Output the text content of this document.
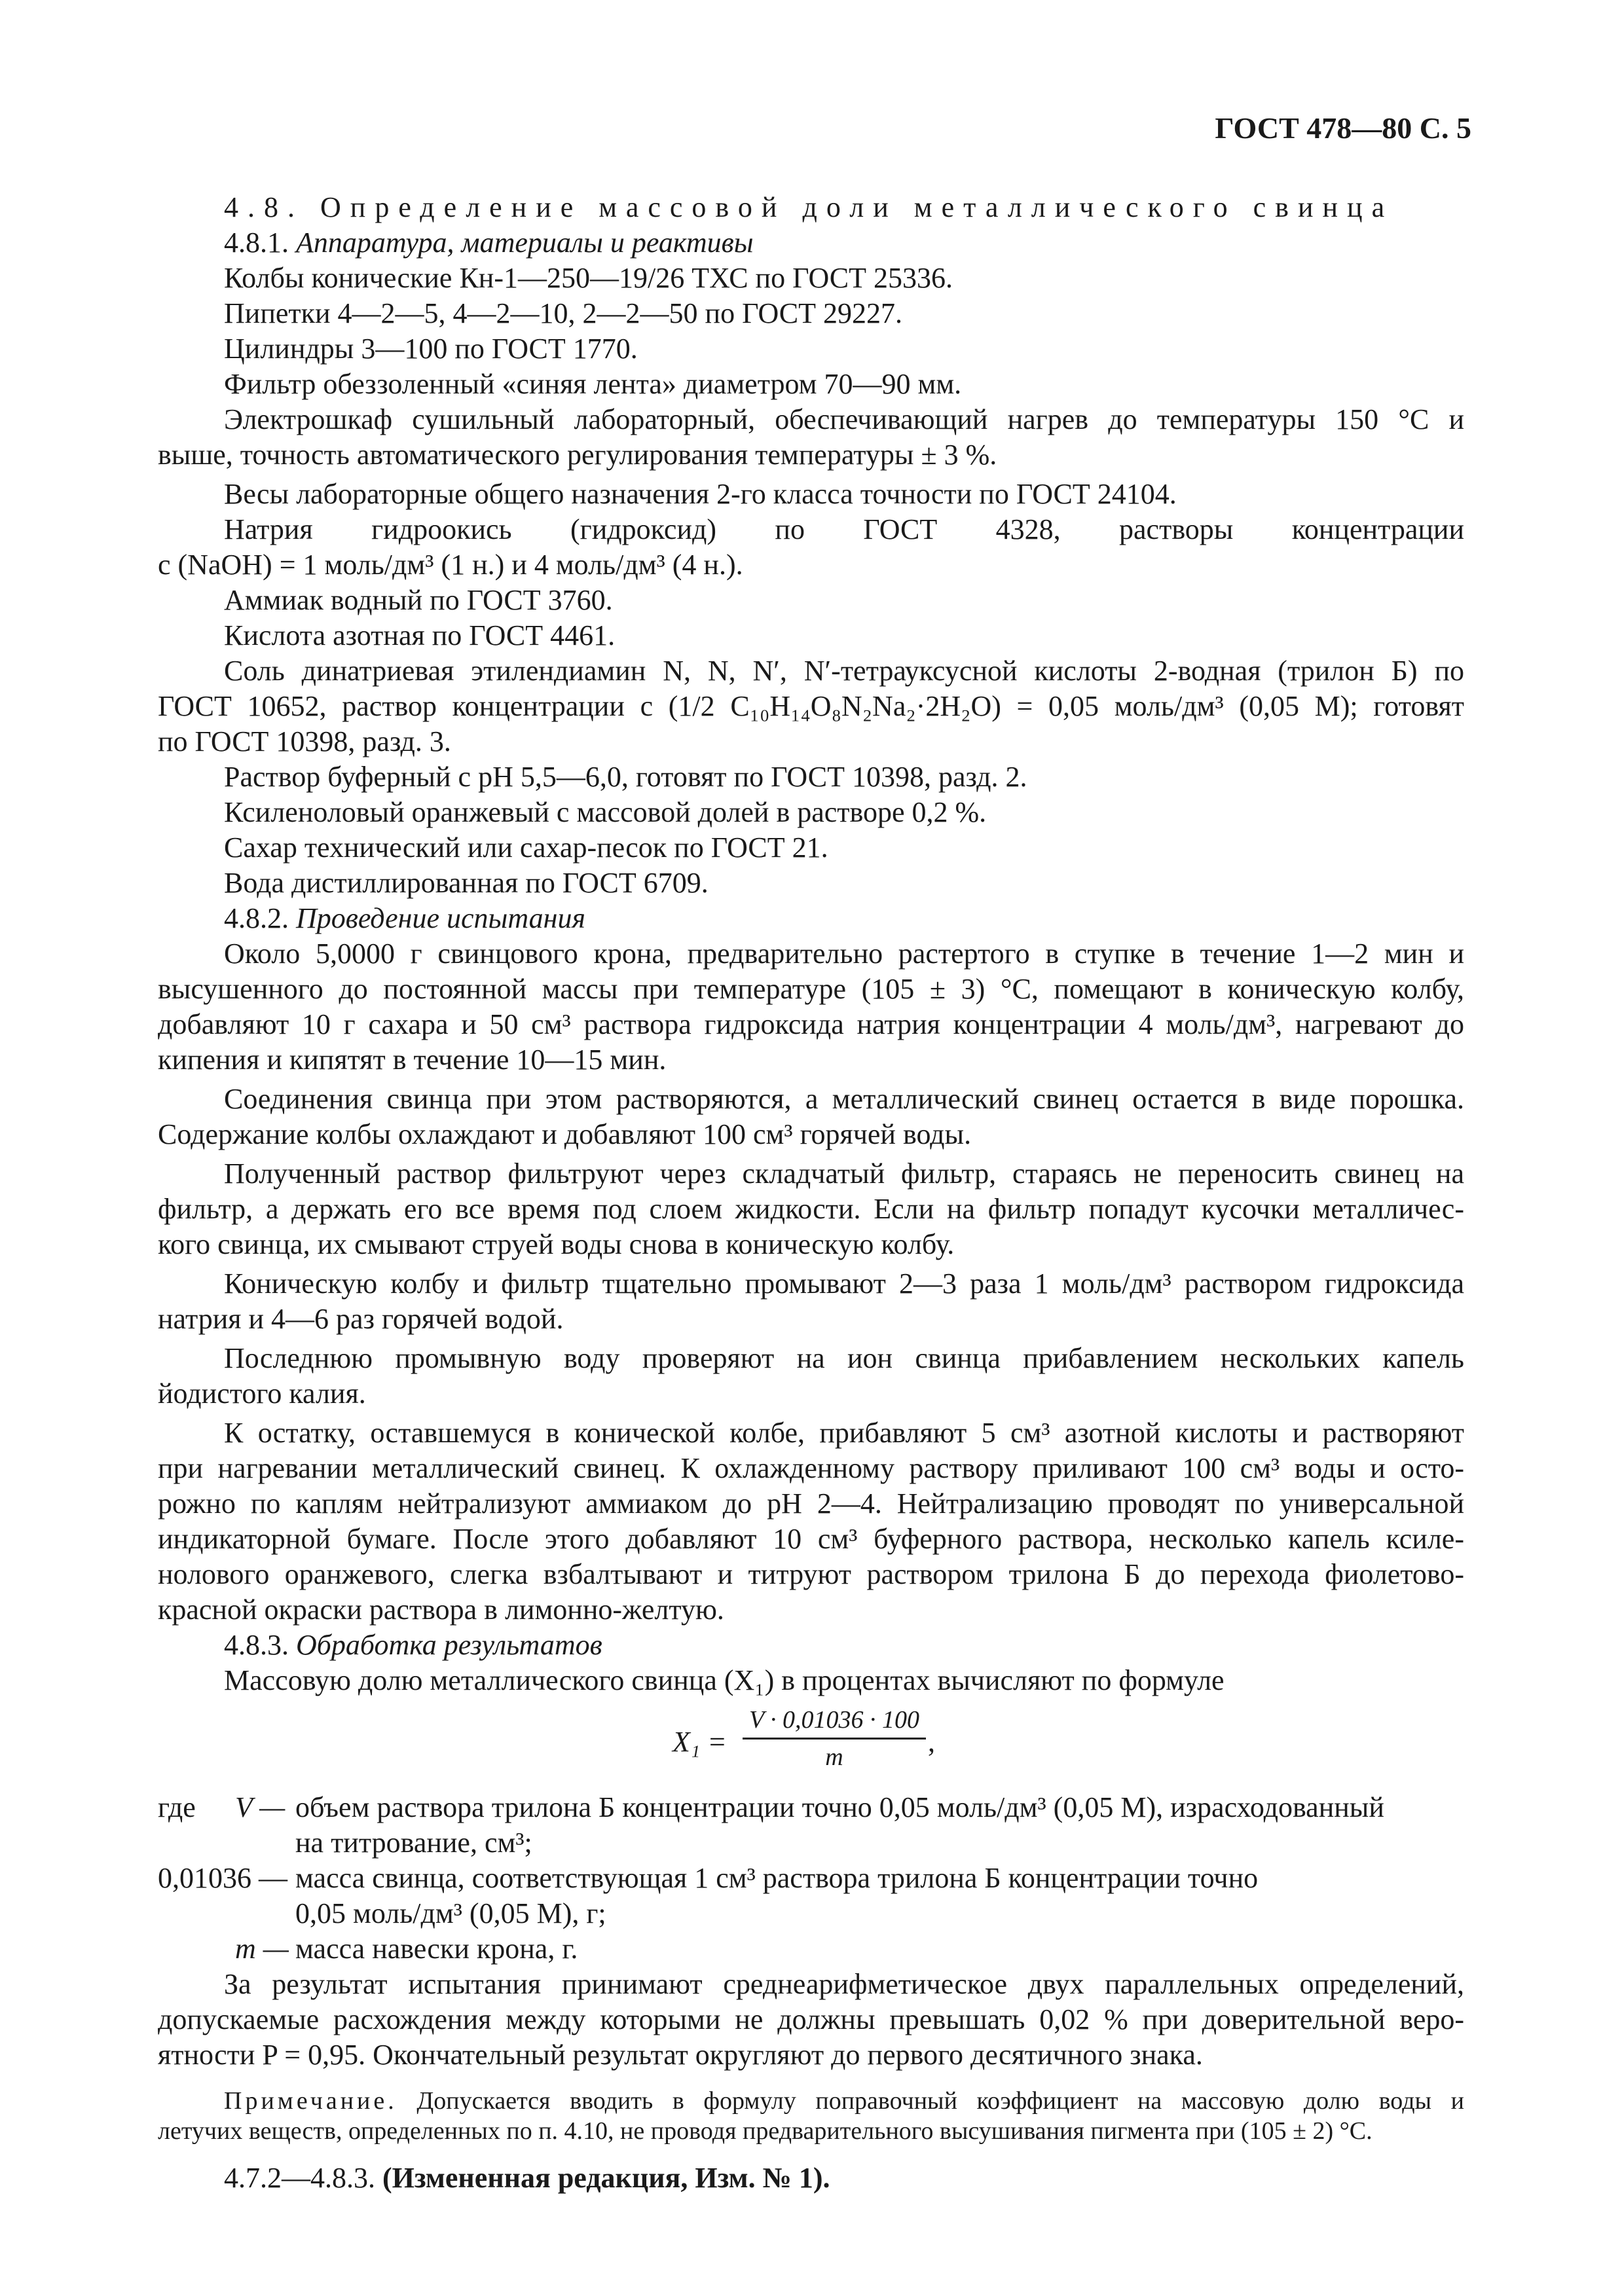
ГОСТ 478—80 С. 5
4.8. Определение массовой доли металлического свинца
4.8.1. Аппаратура, материалы и реактивы
Колбы конические Кн-1—250—19/26 ТХС по ГОСТ 25336.
Пипетки 4—2—5, 4—2—10, 2—2—50 по ГОСТ 29227.
Цилиндры 3—100 по ГОСТ 1770.
Фильтр обеззоленный «синяя лента» диаметром 70—90 мм.
Электрошкаф сушильный лабораторный, обеспечивающий нагрев до температуры 150 °С и
выше, точность автоматического регулирования температуры ± 3 %.
Весы лабораторные общего назначения 2-го класса точности по ГОСТ 24104.
Натрия гидроокись (гидроксид) по ГОСТ 4328, растворы концентрации
c (NaOH) = 1 моль/дм³ (1 н.) и 4 моль/дм³ (4 н.).
Аммиак водный по ГОСТ 3760.
Кислота азотная по ГОСТ 4461.
Соль динатриевая этилендиамин N, N, N′, N′-тетрауксусной кислоты 2-водная (трилон Б) по
ГОСТ 10652, раствор концентрации c (1/2 C₁₀H₁₄O₈N₂Na₂·2H₂O) = 0,05 моль/дм³ (0,05 М); готовят
по ГОСТ 10398, разд. 3.
Раствор буферный с рН 5,5—6,0, готовят по ГОСТ 10398, разд. 2.
Ксиленоловый оранжевый с массовой долей в растворе 0,2 %.
Сахар технический или сахар-песок по ГОСТ 21.
Вода дистиллированная по ГОСТ 6709.
4.8.2. Проведение испытания
Около 5,0000 г свинцового крона, предварительно растертого в ступке в течение 1—2 мин и
высушенного до постоянной массы при температуре (105 ± 3) °С, помещают в коническую колбу,
добавляют 10 г сахара и 50 см³ раствора гидроксида натрия концентрации 4 моль/дм³, нагревают до
кипения и кипятят в течение 10—15 мин.
Соединения свинца при этом растворяются, а металлический свинец остается в виде порошка.
Содержание колбы охлаждают и добавляют 100 см³ горячей воды.
Полученный раствор фильтруют через складчатый фильтр, стараясь не переносить свинец на
фильтр, а держать его все время под слоем жидкости. Если на фильтр попадут кусочки металличес-
кого свинца, их смывают струей воды снова в коническую колбу.
Коническую колбу и фильтр тщательно промывают 2—3 раза 1 моль/дм³ раствором гидроксида
натрия и 4—6 раз горячей водой.
Последнюю промывную воду проверяют на ион свинца прибавлением нескольких капель
йодистого калия.
К остатку, оставшемуся в конической колбе, прибавляют 5 см³ азотной кислоты и растворяют
при нагревании металлический свинец. К охлажденному раствору приливают 100 см³ воды и осто-
рожно по каплям нейтрализуют аммиаком до рН 2—4. Нейтрализацию проводят по универсальной
индикаторной бумаге. После этого добавляют 10 см³ буферного раствора, несколько капель ксиле-
нолового оранжевого, слегка взбалтывают и титруют раствором трилона Б до перехода фиолетово-
красной окраски раствора в лимонно-желтую.
4.8.3. Обработка результатов
Массовую долю металлического свинца (X₁) в процентах вычисляют по формуле
X₁ =
V · 0,01036 · 100
m	,
где V — объем раствора трилона Б концентрации точно 0,05 моль/дм³ (0,05 М), израсходованный
на титрование, см³;
0,01036 — масса свинца, соответствующая 1 см³ раствора трилона Б концентрации точно
0,05 моль/дм³ (0,05 М), г;
m — масса навески крона, г.
За результат испытания принимают среднеарифметическое двух параллельных определений,
допускаемые расхождения между которыми не должны превышать 0,02 % при доверительной веро-
ятности P = 0,95. Окончательный результат округляют до первого десятичного знака.
Примечание. Допускается вводить в формулу поправочный коэффициент на массовую долю воды и
летучих веществ, определенных по п. 4.10, не проводя предварительного высушивания пигмента при (105 ± 2) °С.
4.7.2—4.8.3. (Измененная редакция, Изм. № 1).
